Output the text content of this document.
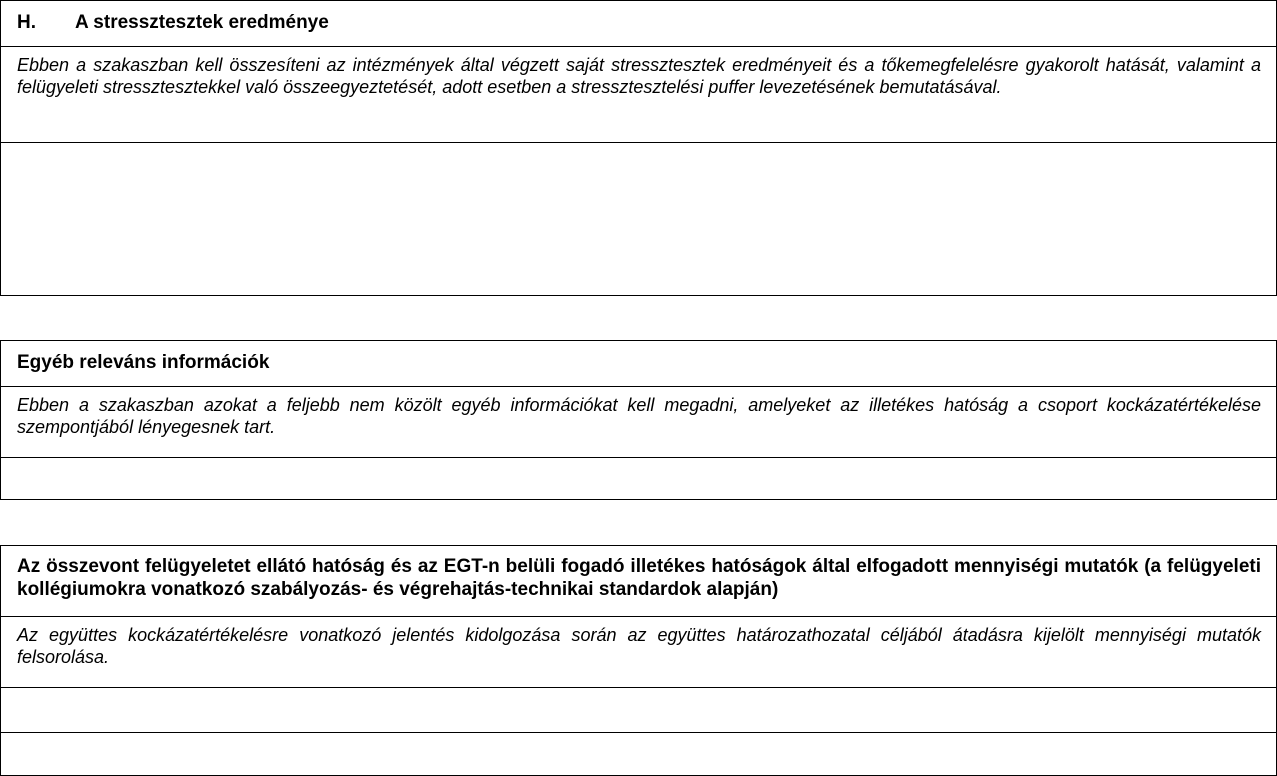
H. A stressztesztek eredménye
Ebben a szakaszban kell összesíteni az intézmények által végzett saját stressztesztek eredményeit és a tőkemegfelelésre gyakorolt hatását, valamint a felügyeleti stressztesztekkel való összeegyeztetését, adott esetben a stressztesztelési puffer levezetésének bemutatásával.
Egyéb releváns információk
Ebben a szakaszban azokat a feljebb nem közölt egyéb információkat kell megadni, amelyeket az illetékes hatóság a csoport kockázatértékelése szempontjából lényegesnek tart.
Az összevont felügyeletet ellátó hatóság és az EGT-n belüli fogadó illetékes hatóságok által elfogadott mennyiségi mutatók (a felügyeleti kollégiumokra vonatkozó szabályozás- és végrehajtás-technikai standardok alapján)
Az együttes kockázatértékelésre vonatkozó jelentés kidolgozása során az együttes határozathozatal céljából átadásra kijelölt mennyiségi mutatók felsorolása.
